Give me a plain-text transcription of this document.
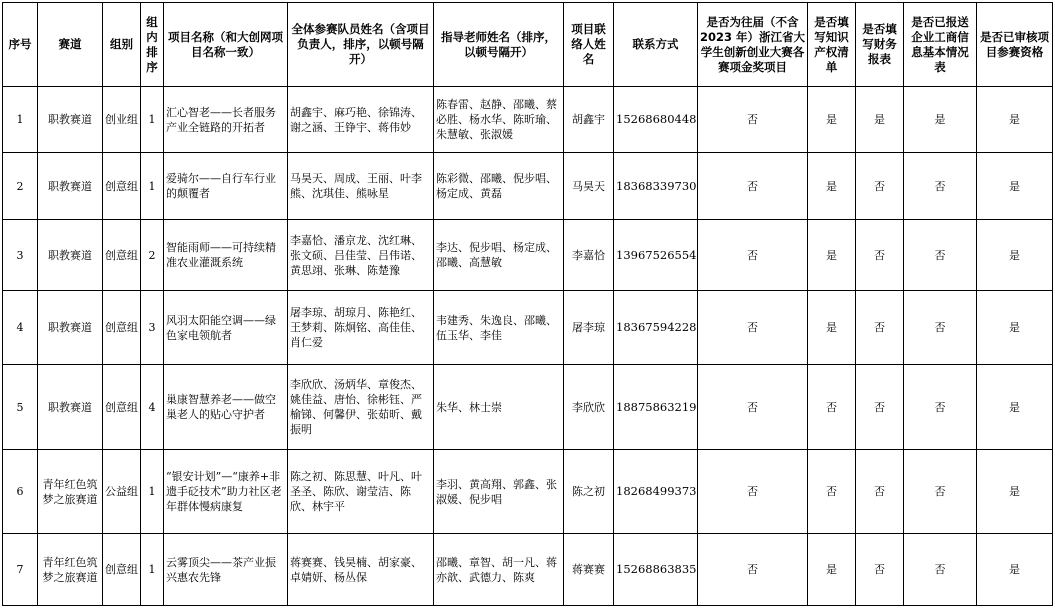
序号	赛道	组别	组内排序	项目名称（和大创网项目名称一致）	全体参赛队员姓名（含项目负责人，排序，以顿号隔开）	指导老师姓名（排序，以顿号隔开）	项目联络人姓名	联系方式	是否为往届（不含 2023 年）浙江省大学生创新创业大赛各赛项金奖项目	是否填写知识产权清单	是否填写财务报表	是否已报送企业工商信息基本情况表	是否已审核项目参赛资格
1	职教赛道	创业组	1	汇心智老——长者服务产业全链路的开拓者	胡鑫宇、麻巧艳、徐锦涛、谢之涵、王铮宇、蒋伟妙	陈春雷、赵静、邵曦、蔡必胜、杨水华、陈昕瑜、朱慧敏、张淑媛	胡鑫宇	15268680448	否	是	是	是	是
2	职教赛道	创意组	1	爱骑尔——自行车行业的颠覆者	马昊天、周成、王丽、叶李熊、沈琪佳、熊咏星	陈彩微、邵曦、倪步唱、杨定成、黄磊	马昊天	18368339730	否	是	否	否	是
3	职教赛道	创意组	2	智能雨师——可持续精准农业灌溉系统	李嘉恰、潘京龙、沈红琳、张文硕、吕佳莹、吕伟诺、黄思翊、张琳、陈楚豫	李达、倪步唱、杨定成、邵曦、高慧敏	李嘉恰	13967526554	否	是	否	否	是
4	职教赛道	创意组	3	风羽太阳能空调——绿色家电领航者	屠李琼、胡琼月、陈艳红、王梦莉、陈炯铭、高佳佳、肖仁爱	韦建秀、朱逸良、邵曦、伍玉华、李佳	屠李琼	18367594228	否	是	否	否	是
5	职教赛道	创意组	4	巢康智慧养老——做空巢老人的贴心守护者	李欣欣、汤炳华、章俊杰、姚佳益、唐怡、徐彬钰、严榆锑、何馨伊、张茹昕、戴振明	朱华、林士崇	李欣欣	18875863219	否	否	否	否	是
6	青年红色筑梦之旅赛道	公益组	1	“银安计划”—“康养+非遗手砭技术”助力社区老年群体慢病康复	陈之初、陈思慧、叶凡、叶圣圣、陈欣、谢莹洁、陈欣、林宇平	李羽、黄高翔、郭鑫、张淑媛、倪步唱	陈之初	18268499373	否	否	否	否	是
7	青年红色筑梦之旅赛道	创意组	1	云雾顶尖——茶产业振兴惠农先锋	蒋赛赛、钱昊楠、胡家豪、卓婧妍、杨丛保	邵曦、章智、胡一凡、蒋亦歆、武德力、陈爽	蒋赛赛	15268863835	否	是	否	否	是
